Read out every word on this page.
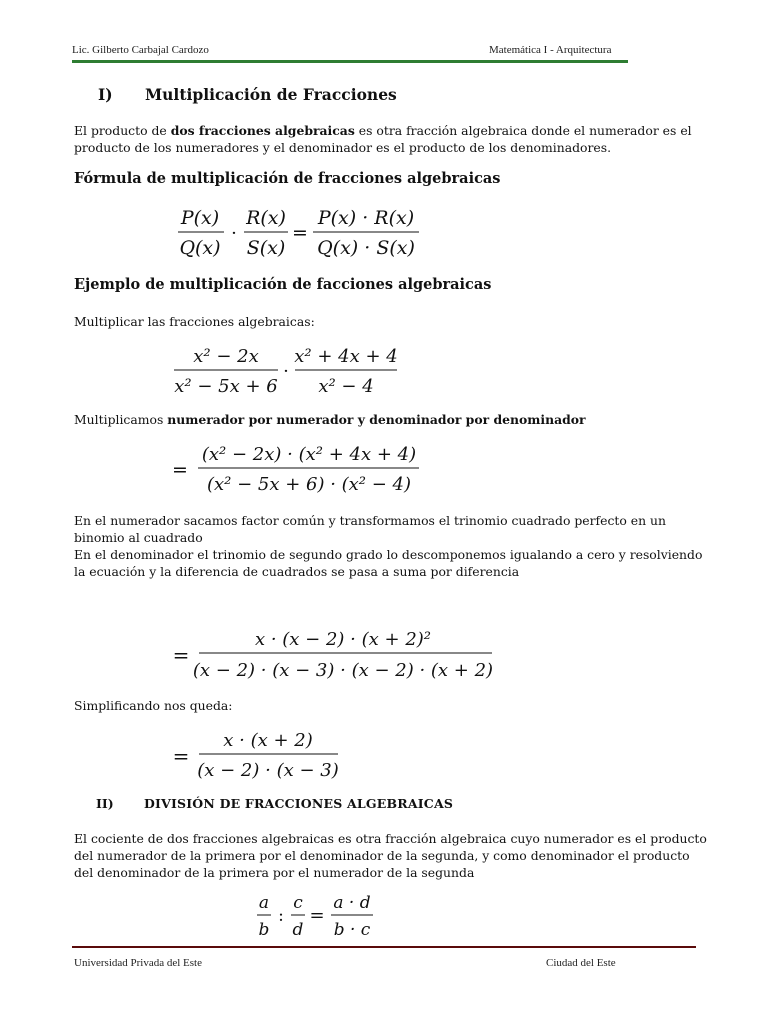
Lic. Gilberto Carbajal Cardozo	Matemática I - Arquitectura
I) Multiplicación de Fracciones
El producto de dos fracciones algebraicas es otra fracción algebraica donde el numerador es el
producto de los numeradores y el denominador es el producto de los denominadores.
Fórmula de multiplicación de fracciones algebraicas
P(x)
Q(x)
·
R(x)
S(x)
=
P(x) · R(x)
Q(x) · S(x)
Ejemplo de multiplicación de facciones algebraicas
Multiplicar las fracciones algebraicas:
x² − 2x
x² − 5x + 6
·
x² + 4x + 4
x² − 4
Multiplicamos numerador por numerador y denominador por denominador
=
(x² − 2x) · (x² + 4x + 4)
(x² − 5x + 6) · (x² − 4)
En el numerador sacamos factor común y transformamos el trinomio cuadrado perfecto en un
binomio al cuadrado
En el denominador el trinomio de segundo grado lo descomponemos igualando a cero y resolviendo
la ecuación y la diferencia de cuadrados se pasa a suma por diferencia
=
x · (x − 2) · (x + 2)²
(x − 2) · (x − 3) · (x − 2) · (x + 2)
Simplificando nos queda:
=
x · (x + 2)
(x − 2) · (x − 3)
II) DIVISIÓN DE FRACCIONES ALGEBRAICAS
El cociente de dos fracciones algebraicas es otra fracción algebraica cuyo numerador es el producto
del numerador de la primera por el denominador de la segunda, y como denominador el producto
del denominador de la primera por el numerador de la segunda
a
b
:
c
d
=
a · d
b · c
Universidad Privada del Este	Ciudad del Este
